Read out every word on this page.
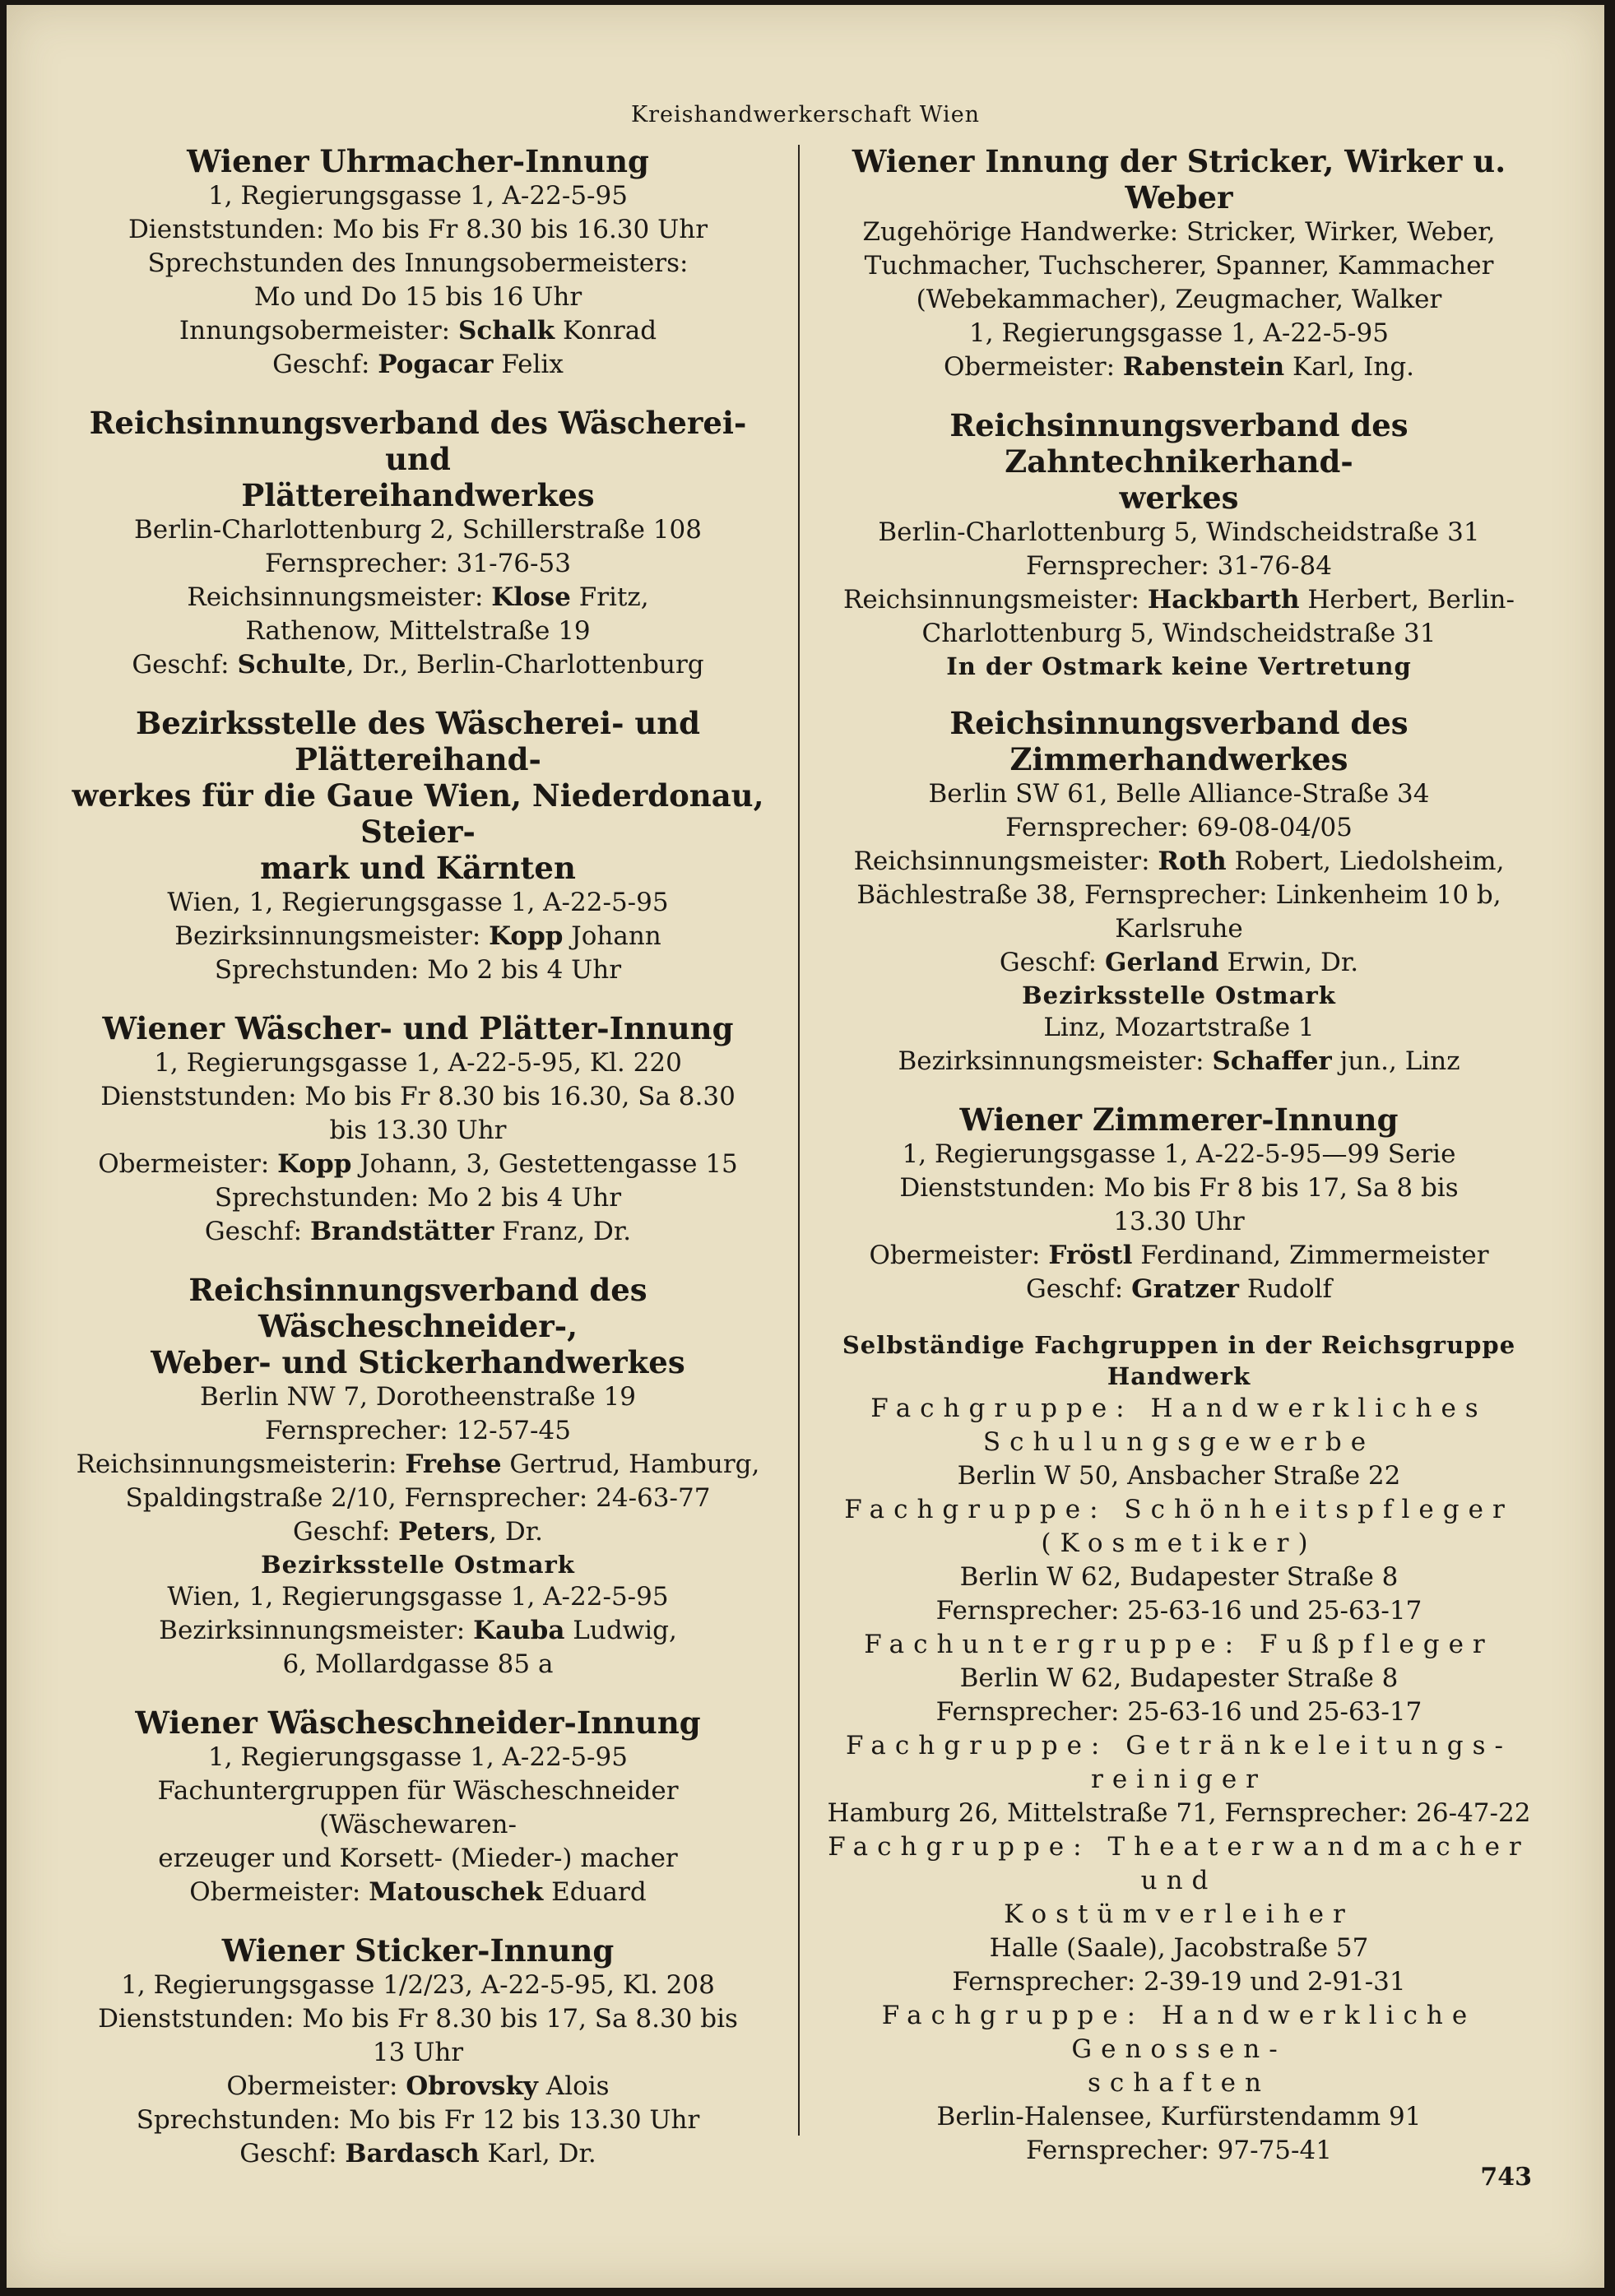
Kreishandwerkerschaft Wien

Wiener Uhrmacher-Innung

1, Regierungsgasse 1, A-22-5-95

Dienststunden: Mo bis Fr 8.30 bis 16.30 Uhr

Sprechstunden des Innungsobermeisters:

Mo und Do 15 bis 16 Uhr

Innungsobermeister: Schalk Konrad

Geschf: Pogacar Felix

Reichsinnungsverband des Wäscherei- und

Plättereihandwerkes

Berlin-Charlottenburg 2, Schillerstraße 108

Fernsprecher: 31-76-53

Reichsinnungsmeister: Klose Fritz,

Rathenow, Mittelstraße 19

Geschf: Schulte, Dr., Berlin-Charlottenburg

Bezirksstelle des Wäscherei- und Plättereihand-

werkes für die Gaue Wien, Niederdonau, Steier-

mark und Kärnten

Wien, 1, Regierungsgasse 1, A-22-5-95

Bezirksinnungsmeister: Kopp Johann

Sprechstunden: Mo 2 bis 4 Uhr

Wiener Wäscher- und Plätter-Innung

1, Regierungsgasse 1, A-22-5-95, Kl. 220

Dienststunden: Mo bis Fr 8.30 bis 16.30, Sa 8.30

bis 13.30 Uhr

Obermeister: Kopp Johann, 3, Gestettengasse 15

Sprechstunden: Mo 2 bis 4 Uhr

Geschf: Brandstätter Franz, Dr.

Reichsinnungsverband des Wäscheschneider-,

Weber- und Stickerhandwerkes

Berlin NW 7, Dorotheenstraße 19

Fernsprecher: 12-57-45

Reichsinnungsmeisterin: Frehse Gertrud, Hamburg,

Spaldingstraße 2/10, Fernsprecher: 24-63-77

Geschf: Peters, Dr.

Bezirksstelle Ostmark

Wien, 1, Regierungsgasse 1, A-22-5-95

Bezirksinnungsmeister: Kauba Ludwig,

6, Mollardgasse 85 a

Wiener Wäscheschneider-Innung

1, Regierungsgasse 1, A-22-5-95

Fachuntergruppen für Wäscheschneider (Wäschewaren-

erzeuger und Korsett- (Mieder-) macher

Obermeister: Matouschek Eduard

Wiener Sticker-Innung

1, Regierungsgasse 1/2/23, A-22-5-95, Kl. 208

Dienststunden: Mo bis Fr 8.30 bis 17, Sa 8.30 bis

13 Uhr

Obermeister: Obrovsky Alois

Sprechstunden: Mo bis Fr 12 bis 13.30 Uhr

Geschf: Bardasch Karl, Dr.

Wiener Innung der Stricker, Wirker u. Weber

Zugehörige Handwerke: Stricker, Wirker, Weber,

Tuchmacher, Tuchscherer, Spanner, Kammacher

(Webekammacher), Zeugmacher, Walker

1, Regierungsgasse 1, A-22-5-95

Obermeister: Rabenstein Karl, Ing.

Reichsinnungsverband des Zahntechnikerhand-

werkes

Berlin-Charlottenburg 5, Windscheidstraße 31

Fernsprecher: 31-76-84

Reichsinnungsmeister: Hackbarth Herbert, Berlin-

Charlottenburg 5, Windscheidstraße 31

In der Ostmark keine Vertretung

Reichsinnungsverband des Zimmerhandwerkes

Berlin SW 61, Belle Alliance-Straße 34

Fernsprecher: 69-08-04/05

Reichsinnungsmeister: Roth Robert, Liedolsheim,

Bächlestraße 38, Fernsprecher: Linkenheim 10 b,

Karlsruhe

Geschf: Gerland Erwin, Dr.

Bezirksstelle Ostmark

Linz, Mozartstraße 1

Bezirksinnungsmeister: Schaffer jun., Linz

Wiener Zimmerer-Innung

1, Regierungsgasse 1, A-22-5-95—99 Serie

Dienststunden: Mo bis Fr 8 bis 17, Sa 8 bis

13.30 Uhr

Obermeister: Fröstl Ferdinand, Zimmermeister

Geschf: Gratzer Rudolf

Selbständige Fachgruppen in der Reichsgruppe

Handwerk

Fachgruppe: Handwerkliches

Schulungsgewerbe

Berlin W 50, Ansbacher Straße 22

Fachgruppe: Schönheitspfleger

(Kosmetiker)

Berlin W 62, Budapester Straße 8

Fernsprecher: 25-63-16 und 25-63-17

Fachuntergruppe: Fußpfleger

Berlin W 62, Budapester Straße 8

Fernsprecher: 25-63-16 und 25-63-17

Fachgruppe: Getränkeleitungs-

reiniger

Hamburg 26, Mittelstraße 71, Fernsprecher: 26-47-22

Fachgruppe: Theaterwandmacher und

Kostümverleiher

Halle (Saale), Jacobstraße 57

Fernsprecher: 2-39-19 und 2-91-31

Fachgruppe: Handwerkliche Genossen-

schaften

Berlin-Halensee, Kurfürstendamm 91

Fernsprecher: 97-75-41

743
